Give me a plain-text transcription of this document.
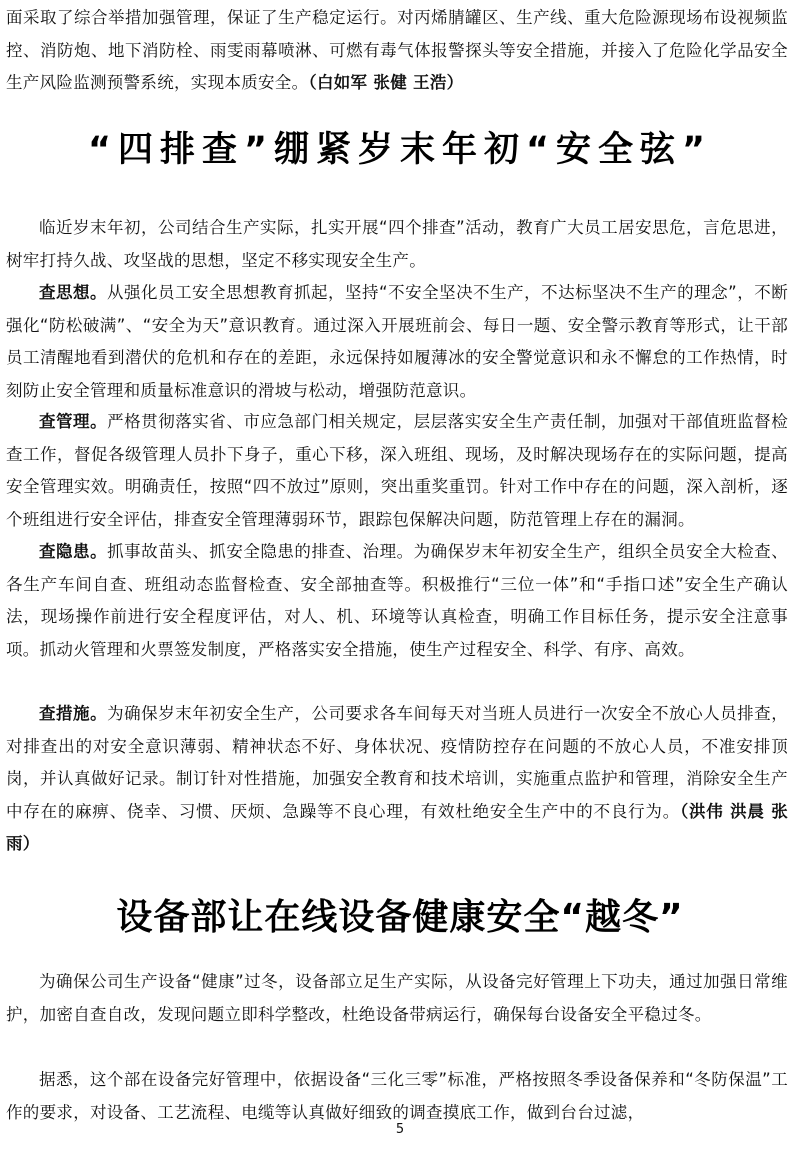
面采取了综合举措加强管理，保证了生产稳定运行。对丙烯腈罐区、生产线、重大危险源现场布设视频监控、消防炮、地下消防栓、雨雯雨幕喷淋、可燃有毒气体报警探头等安全措施，并接入了危险化学品安全生产风险监测预警系统，实现本质安全。（白如军 张健 王浩）

“四排查”绷紧岁末年初“安全弦”

临近岁末年初，公司结合生产实际，扎实开展“四个排查”活动，教育广大员工居安思危，言危思进，树牢打持久战、攻坚战的思想，坚定不移实现安全生产。

查思想。从强化员工安全思想教育抓起，坚持“不安全坚决不生产，不达标坚决不生产的理念”，不断强化“防松破满”、“安全为天”意识教育。通过深入开展班前会、每日一题、安全警示教育等形式，让干部员工清醒地看到潜伏的危机和存在的差距，永远保持如履薄冰的安全警觉意识和永不懈怠的工作热情，时刻防止安全管理和质量标准意识的滑坡与松动，增强防范意识。

查管理。严格贯彻落实省、市应急部门相关规定，层层落实安全生产责任制，加强对干部值班监督检查工作，督促各级管理人员扑下身子，重心下移，深入班组、现场，及时解决现场存在的实际问题，提高安全管理实效。明确责任，按照“四不放过”原则，突出重奖重罚。针对工作中存在的问题，深入剖析，逐个班组进行安全评估，排查安全管理薄弱环节，跟踪包保解决问题，防范管理上存在的漏洞。

查隐患。抓事故苗头、抓安全隐患的排查、治理。为确保岁末年初安全生产，组织全员安全大检查、各生产车间自查、班组动态监督检查、安全部抽查等。积极推行“三位一体”和“手指口述”安全生产确认法，现场操作前进行安全程度评估，对人、机、环境等认真检查，明确工作目标任务，提示安全注意事项。抓动火管理和火票签发制度，严格落实安全措施，使生产过程安全、科学、有序、高效。

查措施。为确保岁末年初安全生产，公司要求各车间每天对当班人员进行一次安全不放心人员排查，对排查出的对安全意识薄弱、精神状态不好、身体状况、疫情防控存在问题的不放心人员，不准安排顶岗，并认真做好记录。制订针对性措施，加强安全教育和技术培训，实施重点监护和管理，消除安全生产中存在的麻痹、侥幸、习惯、厌烦、急躁等不良心理，有效杜绝安全生产中的不良行为。（洪伟 洪晨 张雨）

设备部让在线设备健康安全“越冬”

为确保公司生产设备“健康”过冬，设备部立足生产实际，从设备完好管理上下功夫，通过加强日常维护，加密自查自改，发现问题立即科学整改，杜绝设备带病运行，确保每台设备安全平稳过冬。

据悉，这个部在设备完好管理中，依据设备“三化三零”标准，严格按照冬季设备保养和“冬防保温”工作的要求，对设备、工艺流程、电缆等认真做好细致的调查摸底工作，做到台台过滤，

5
